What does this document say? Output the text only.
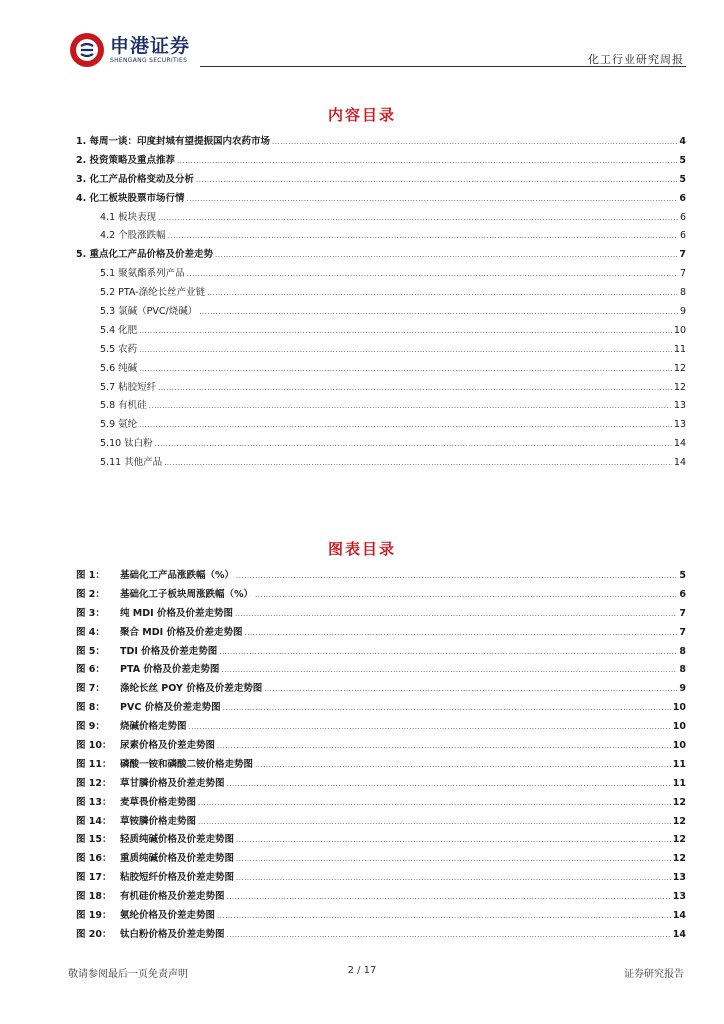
申港证券
SHENGANG SECURITIES	化工行业研究周报
内容目录
1. 每周一谈：印度封城有望提振国内农药市场 .....	4
2. 投资策略及重点推荐 .....	5
3. 化工产品价格变动及分析 .....	5
4. 化工板块股票市场行情 .....	6
4.1 板块表现 .....	6
4.2 个股涨跌幅 .....	6
5. 重点化工产品价格及价差走势 .....	7
5.1 聚氨酯系列产品 .....	7
5.2 PTA-涤纶长丝产业链 .....	8
5.3 氯碱（PVC/烧碱） .....	9
5.4 化肥 .....	10
5.5 农药 .....	11
5.6 纯碱 .....	12
5.7 粘胶短纤 .....	12
5.8 有机硅 .....	13
5.9 氨纶 .....	13
5.10 钛白粉 .....	14
5.11 其他产品 .....	14
图表目录
图 1：	基础化工产品涨跌幅（%） .....	5
图 2：	基础化工子板块周涨跌幅（%） .....	6
图 3：	纯 MDI 价格及价差走势图 .....	7
图 4：	聚合 MDI 价格及价差走势图 .....	7
图 5：	TDI 价格及价差走势图 .....	8
图 6：	PTA 价格及价差走势图 .....	8
图 7：	涤纶长丝 POY 价格及价差走势图 .....	9
图 8：	PVC 价格及价差走势图 .....	10
图 9：	烧碱价格走势图 .....	10
图 10： 尿素价格及价差走势图 .....	10
图 11： 磷酸一铵和磷酸二铵价格走势图 .....	11
图 12： 草甘膦价格及价差走势图 .....	11
图 13： 麦草畏价格走势图 .....	12
图 14： 草铵膦价格走势图 .....	12
图 15： 轻质纯碱价格及价差走势图 .....	12
图 16： 重质纯碱价格及价差走势图 .....	12
图 17： 粘胶短纤价格及价差走势图 .....	13
图 18： 有机硅价格及价差走势图 .....	13
图 19： 氨纶价格及价差走势图 .....	14
图 20： 钛白粉价格及价差走势图 .....	14
敬请参阅最后一页免责声明	2 / 17	证券研究报告
